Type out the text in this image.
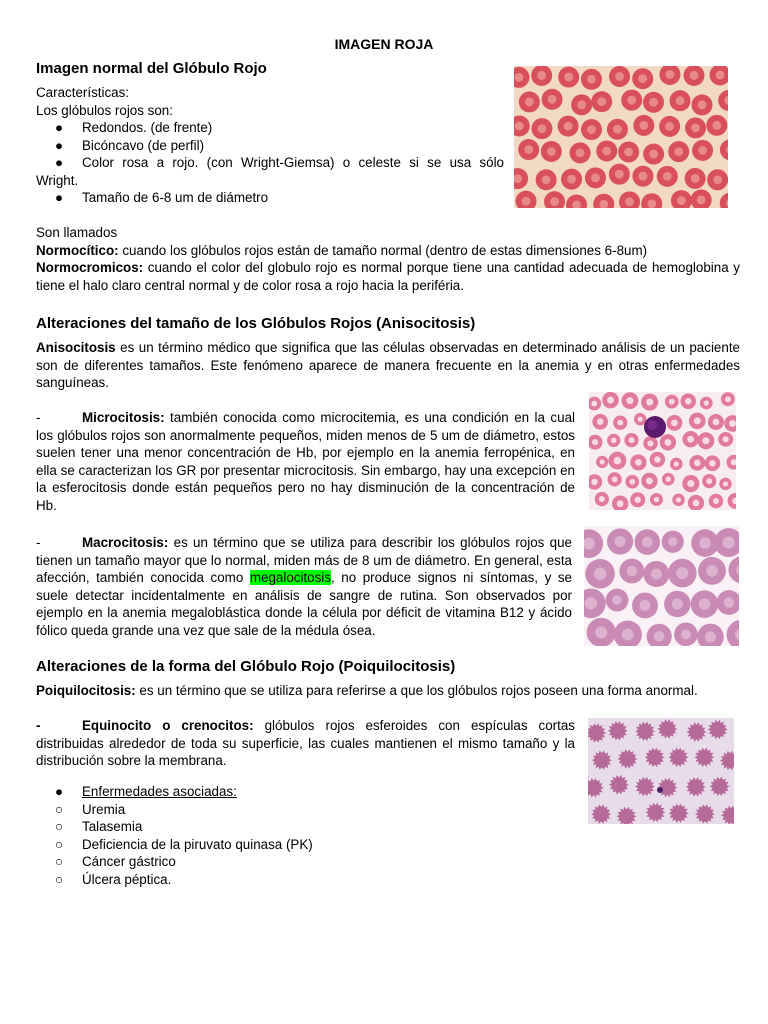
IMAGEN ROJA
Imagen normal del Glóbulo Rojo

Características:

Los glóbulos rojos son:

● Redondos. (de frente)
● Bicóncavo (de perfil)
● Color rosa a rojo. (con Wright-Giemsa) o celeste si se usa sólo

Wright.

● Tamaño de 6-8 um de diámetro

Son llamados

Normocítico: cuando los glóbulos rojos están de tamaño normal (dentro de estas dimensiones 6-8um)

Normocromicos: cuando el color del globulo rojo es normal porque tiene una cantidad adecuada de hemoglobina y tiene el halo claro central normal y de color rosa a rojo hacia la periféria.

Alteraciones del tamaño de los Glóbulos Rojos (Anisocitosis)

Anisocitosis es un término médico que significa que las células observadas en determinado análisis de un paciente son de diferentes tamaños. Este fenómeno aparece de manera frecuente en la anemia y en otras enfermedades sanguíneas.

-	Microcitosis: también conocida como microcitemia, es una condición en la cual los glóbulos rojos son anormalmente pequeños, miden menos de 5 um de diámetro, estos suelen tener una menor concentración de Hb, por ejemplo en la anemia ferropénica, en ella se caracterizan los GR por presentar microcitosis. Sin embargo, hay una excepción en la esferocitosis donde están pequeños pero no hay disminución de la concentración de Hb.

-	Macrocitosis: es un término que se utiliza para describir los glóbulos rojos que tienen un tamaño mayor que lo normal, miden más de 8 um de diámetro. En general, esta afección, también conocida como megalocitosis, no produce signos ni síntomas, y se suele detectar incidentalmente en análisis de sangre de rutina. Son observados por ejemplo en la anemia megaloblástica donde la célula por déficit de vitamina B12 y ácido fólico queda grande una vez que sale de la médula ósea.

Alteraciones de la forma del Glóbulo Rojo (Poiquilocitosis)

Poiquilocitosis: es un término que se utiliza para referirse a que los glóbulos rojos poseen una forma anormal.

-	Equinocito o crenocitos: glóbulos rojos esferoides con espículas cortas distribuidas alrededor de toda su superficie, las cuales mantienen el mismo tamaño y la distribución sobre la membrana.

● Enfermedades asociadas:
○ Uremia
○ Talasemia
○ Deficiencia de la piruvato quinasa (PK)
○ Cáncer gástrico
○ Úlcera péptica.
